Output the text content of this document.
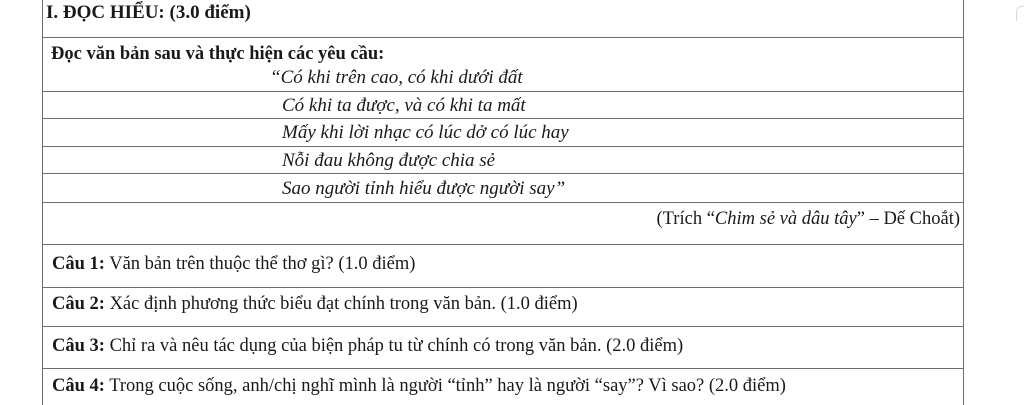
I. ĐỌC HIỂU: (3.0 điểm)
Đọc văn bản sau và thực hiện các yêu cầu:
“Có khi trên cao, có khi dưới đất
Có khi ta được, và có khi ta mất
Mấy khi lời nhạc có lúc dở có lúc hay
Nỗi đau không được chia sẻ
Sao người tỉnh hiểu được người say”
(Trích “Chim sẻ và dâu tây” – Dế Choắt)
Câu 1: Văn bản trên thuộc thể thơ gì? (1.0 điểm)
Câu 2: Xác định phương thức biểu đạt chính trong văn bản. (1.0 điểm)
Câu 3: Chỉ ra và nêu tác dụng của biện pháp tu từ chính có trong văn bản. (2.0 điểm)
Câu 4: Trong cuộc sống, anh/chị nghĩ mình là người “tỉnh” hay là người “say”? Vì sao? (2.0 điểm)
